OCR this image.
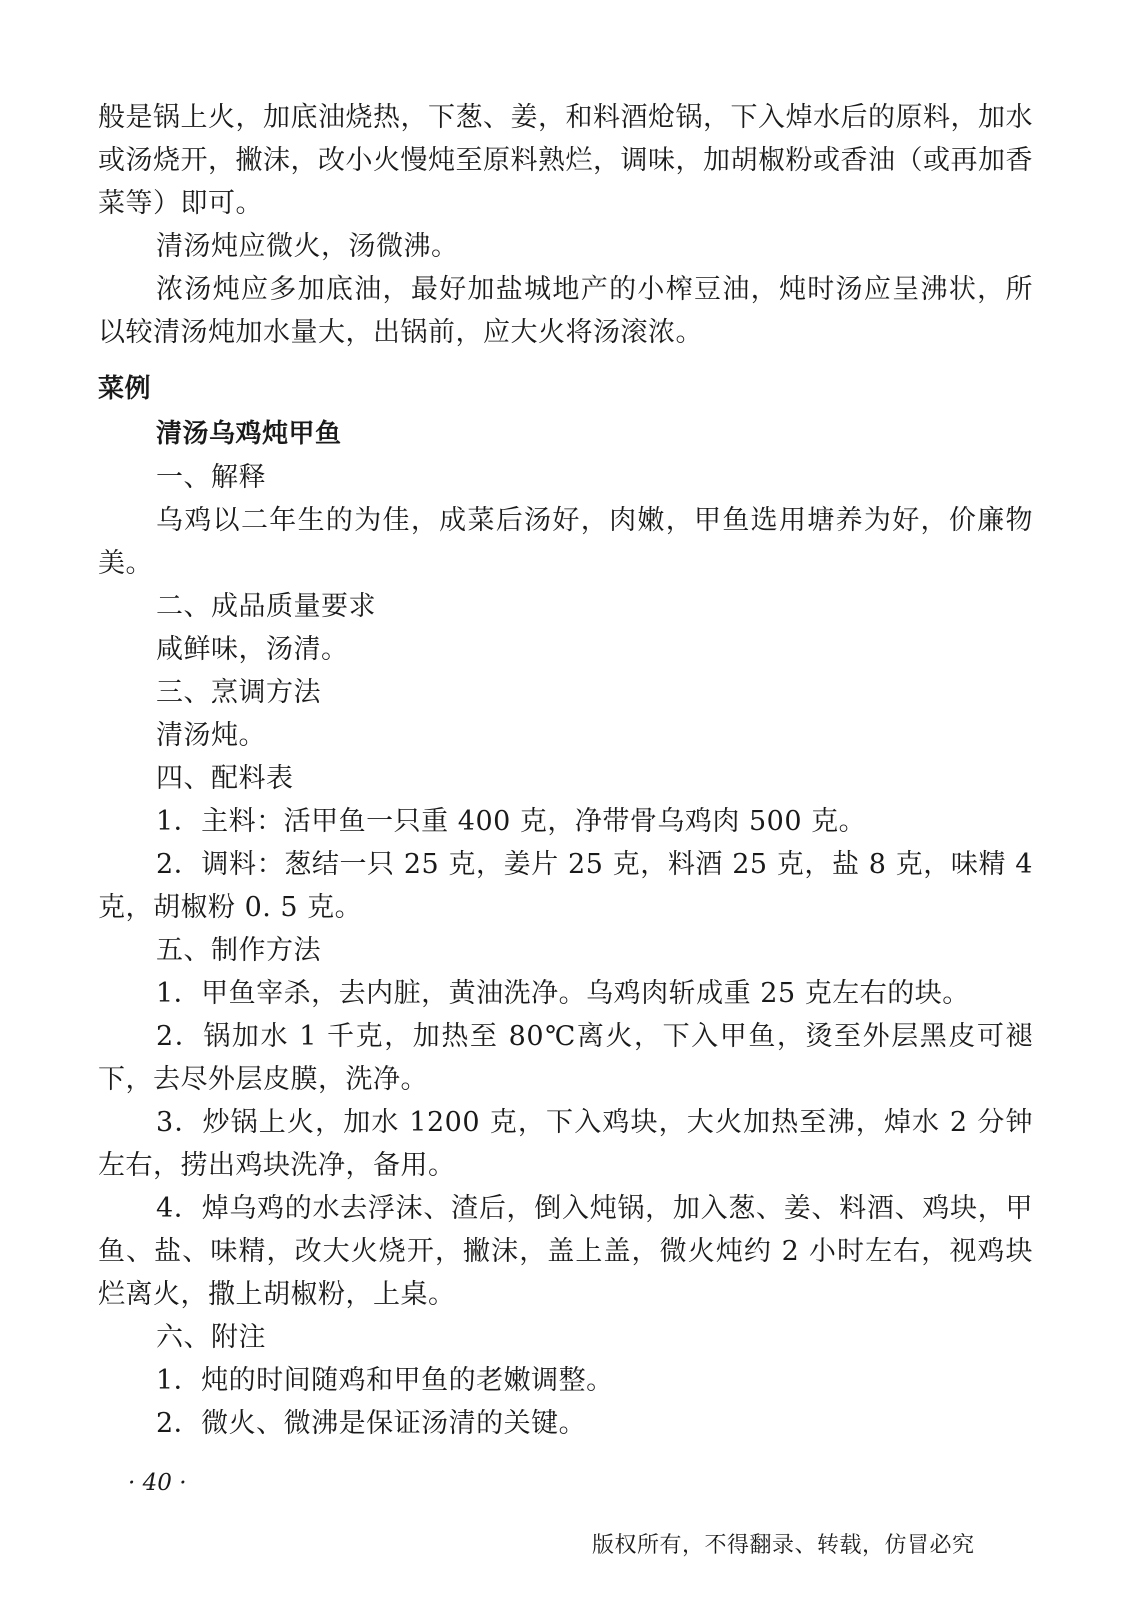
般是锅上火，加底油烧热，下葱、姜，和料酒炝锅，下入焯水后的原料，加水或汤烧开，撇沫，改小火慢炖至原料熟烂，调味，加胡椒粉或香油（或再加香菜等）即可。

清汤炖应微火，汤微沸。

浓汤炖应多加底油，最好加盐城地产的小榨豆油，炖时汤应呈沸状，所以较清汤炖加水量大，出锅前，应大火将汤滚浓。

菜例

清汤乌鸡炖甲鱼

一、解释

乌鸡以二年生的为佳，成菜后汤好，肉嫩，甲鱼选用塘养为好，价廉物美。

二、成品质量要求

咸鲜味，汤清。

三、烹调方法

清汤炖。

四、配料表

1．主料：活甲鱼一只重 400 克，净带骨乌鸡肉 500 克。

2．调料：葱结一只 25 克，姜片 25 克，料酒 25 克，盐 8 克，味精 4 克，胡椒粉 0. 5 克。

五、制作方法

1．甲鱼宰杀，去内脏，黄油洗净。乌鸡肉斩成重 25 克左右的块。

2．锅加水 1 千克，加热至 80℃离火，下入甲鱼，烫至外层黑皮可褪下，去尽外层皮膜，洗净。

3．炒锅上火，加水 1200 克，下入鸡块，大火加热至沸，焯水 2 分钟左右，捞出鸡块洗净，备用。

4．焯乌鸡的水去浮沫、渣后，倒入炖锅，加入葱、姜、料酒、鸡块，甲鱼、盐、味精，改大火烧开，撇沫，盖上盖，微火炖约 2 小时左右，视鸡块烂离火，撒上胡椒粉，上桌。

六、附注

1．炖的时间随鸡和甲鱼的老嫩调整。

2．微火、微沸是保证汤清的关键。

· 40 ·
版权所有，不得翻录、转载，仿冒必究
